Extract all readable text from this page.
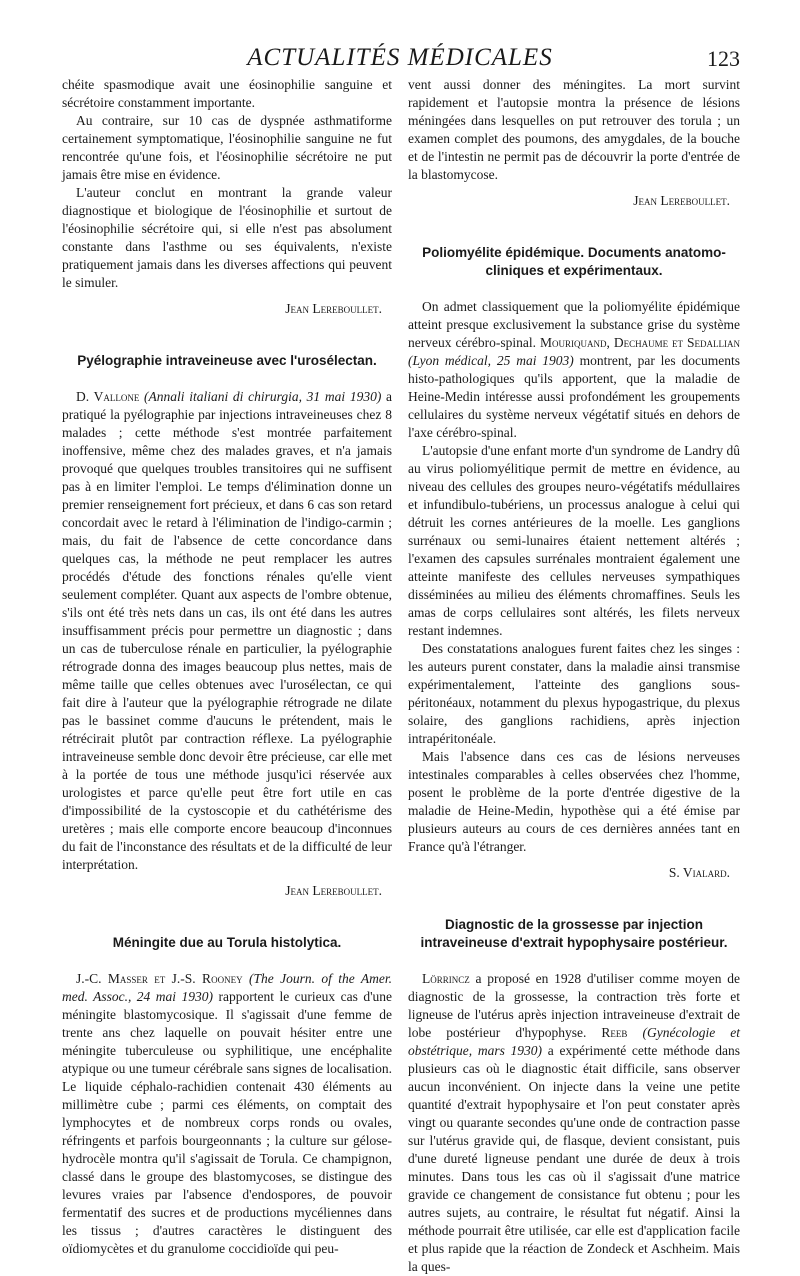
ACTUALITÉS MÉDICALES	123

chéite spasmodique avait une éosinophilie sanguine et sécrétoire constamment importante.

Au contraire, sur 10 cas de dyspnée asthmatiforme certainement symptomatique, l'éosinophilie sanguine ne fut rencontrée qu'une fois, et l'éosinophilie sécrétoire ne put jamais être mise en évidence.

L'auteur conclut en montrant la grande valeur diagnostique et biologique de l'éosinophilie et surtout de l'éosinophilie sécrétoire qui, si elle n'est pas absolument constante dans l'asthme ou ses équivalents, n'existe pratiquement jamais dans les diverses affections qui peuvent le simuler.

Jean Lereboullet.

Pyélographie intraveineuse avec l'urosélectan.

D. Vallone (Annali italiani di chirurgia, 31 mai 1930) a pratiqué la pyélographie par injections intraveineuses chez 8 malades ; cette méthode s'est montrée parfaitement inoffensive, même chez des malades graves, et n'a jamais provoqué que quelques troubles transitoires qui ne suffisent pas à en limiter l'emploi. Le temps d'élimination donne un premier renseignement fort précieux, et dans 6 cas son retard concordait avec le retard à l'élimination de l'indigo-carmin ; mais, du fait de l'absence de cette concordance dans quelques cas, la méthode ne peut remplacer les autres procédés d'étude des fonctions rénales qu'elle vient seulement compléter. Quant aux aspects de l'ombre obtenue, s'ils ont été très nets dans un cas, ils ont été dans les autres insuffisamment précis pour permettre un diagnostic ; dans un cas de tuberculose rénale en particulier, la pyélographie rétrograde donna des images beaucoup plus nettes, mais de même taille que celles obtenues avec l'urosélectan, ce qui fait dire à l'auteur que la pyélographie rétrograde ne dilate pas le bassinet comme d'aucuns le prétendent, mais le rétrécirait plutôt par contraction réflexe. La pyélographie intraveineuse semble donc devoir être précieuse, car elle met à la portée de tous une méthode jusqu'ici réservée aux urologistes et parce qu'elle peut être fort utile en cas d'impossibilité de la cystoscopie et du cathétérisme des uretères ; mais elle comporte encore beaucoup d'inconnues du fait de l'inconstance des résultats et de la difficulté de leur interprétation.

Jean Lereboullet.

Méningite due au Torula histolytica.

J.-C. Masser et J.-S. Rooney (The Journ. of the Amer. med. Assoc., 24 mai 1930) rapportent le curieux cas d'une méningite blastomycosique. Il s'agissait d'une femme de trente ans chez laquelle on pouvait hésiter entre une méningite tuberculeuse ou syphilitique, une encéphalite atypique ou une tumeur cérébrale sans signes de localisation. Le liquide céphalo-rachidien contenait 430 éléments au millimètre cube ; parmi ces éléments, on comptait des lymphocytes et de nombreux corps ronds ou ovales, réfringents et parfois bourgeonnants ; la culture sur gélose-hydrocèle montra qu'il s'agissait de Torula. Ce champignon, classé dans le groupe des blastomycoses, se distingue des levures vraies par l'absence d'endospores, de pouvoir fermentatif des sucres et de productions mycéliennes dans les tissus ; d'autres caractères le distinguent des oïdiomycètes et du granulome coccidioïde qui peu-

vent aussi donner des méningites. La mort survint rapidement et l'autopsie montra la présence de lésions méningées dans lesquelles on put retrouver des torula ; un examen complet des poumons, des amygdales, de la bouche et de l'intestin ne permit pas de découvrir la porte d'entrée de la blastomycose.

Jean Lereboullet.

Poliomyélite épidémique. Documents anatomo-cliniques et expérimentaux.

On admet classiquement que la poliomyélite épidémique atteint presque exclusivement la substance grise du système nerveux cérébro-spinal. Mouriquand, Dechaume et Sedallian (Lyon médical, 25 mai 1903) montrent, par les documents histo-pathologiques qu'ils apportent, que la maladie de Heine-Medin intéresse aussi profondément les groupements cellulaires du système nerveux végétatif situés en dehors de l'axe cérébro-spinal.

L'autopsie d'une enfant morte d'un syndrome de Landry dû au virus poliomyélitique permit de mettre en évidence, au niveau des cellules des groupes neuro-végétatifs médullaires et infundibulo-tubériens, un processus analogue à celui qui détruit les cornes antérieures de la moelle. Les ganglions surrénaux ou semi-lunaires étaient nettement altérés ; l'examen des capsules surrénales montraient également une atteinte manifeste des cellules nerveuses sympathiques disséminées au milieu des éléments chromaffines. Seuls les amas de corps cellulaires sont altérés, les filets nerveux restant indemnes.

Des constatations analogues furent faites chez les singes : les auteurs purent constater, dans la maladie ainsi transmise expérimentalement, l'atteinte des ganglions sous-péritonéaux, notamment du plexus hypogastrique, du plexus solaire, des ganglions rachidiens, après injection intrapéritonéale.

Mais l'absence dans ces cas de lésions nerveuses intestinales comparables à celles observées chez l'homme, posent le problème de la porte d'entrée digestive de la maladie de Heine-Medin, hypothèse qui a été émise par plusieurs auteurs au cours de ces dernières années tant en France qu'à l'étranger.

S. Vialard.

Diagnostic de la grossesse par injection intraveineuse d'extrait hypophysaire postérieur.

Lörrincz a proposé en 1928 d'utiliser comme moyen de diagnostic de la grossesse, la contraction très forte et ligneuse de l'utérus après injection intraveineuse d'extrait de lobe postérieur d'hypophyse. Reeb (Gynécologie et obstétrique, mars 1930) a expérimenté cette méthode dans plusieurs cas où le diagnostic était difficile, sans observer aucun inconvénient. On injecte dans la veine une petite quantité d'extrait hypophysaire et l'on peut constater après vingt ou quarante secondes qu'une onde de contraction passe sur l'utérus gravide qui, de flasque, devient consistant, puis d'une dureté ligneuse pendant une durée de deux à trois minutes. Dans tous les cas où il s'agissait d'une matrice gravide ce changement de consistance fut obtenu ; pour les autres sujets, au contraire, le résultat fut négatif. Ainsi la méthode pourrait être utilisée, car elle est d'application facile et plus rapide que la réaction de Zondeck et Aschheim. Mais la ques-
